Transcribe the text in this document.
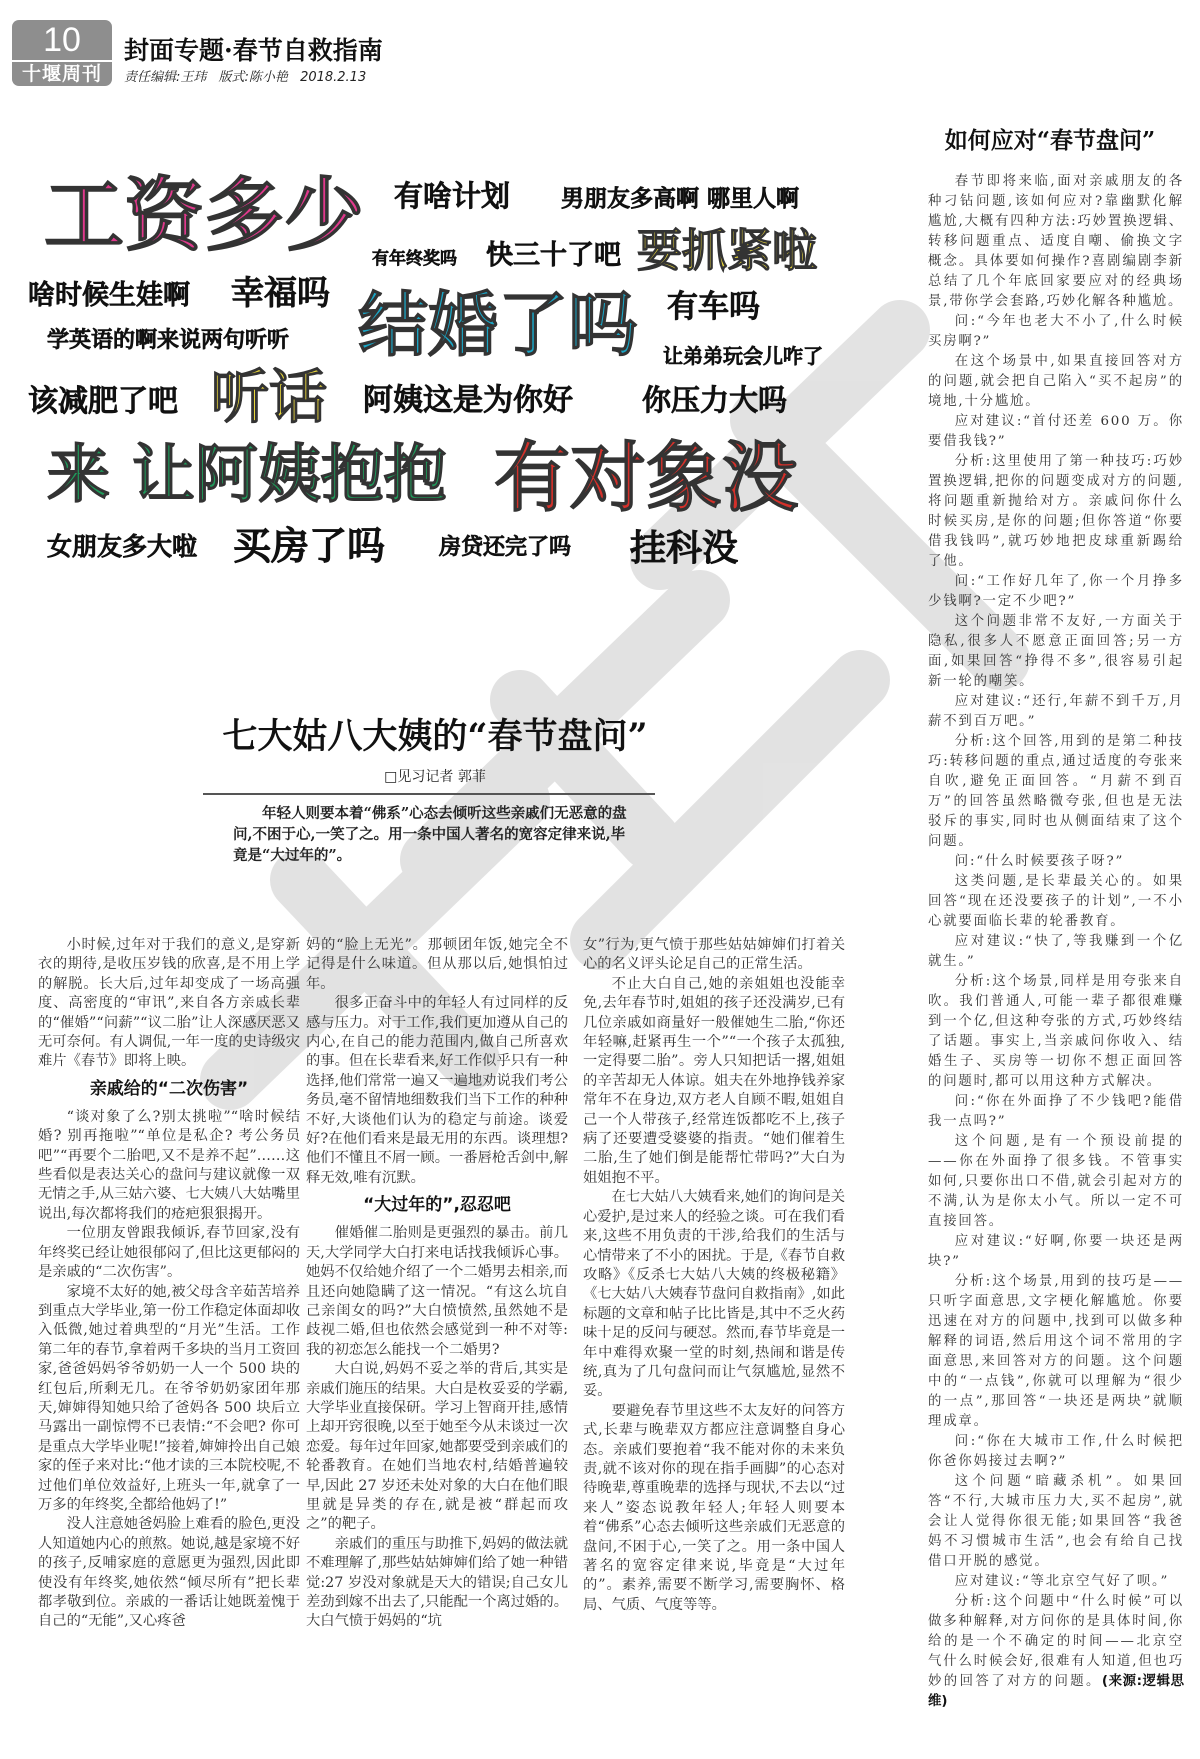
10
十堰周刊
封面专题·春节自救指南
责任编辑:王玮 版式:陈小艳 2018.2.13
工资多少 有啥计划 男朋友多高啊 哪里人啊
有年终奖吗 快三十了吧 要抓紧啦
啥时候生娃啊 幸福吗 结婚了吗 有车吗
学英语的啊来说两句听听
让弟弟玩会儿咋了
该减肥了吧 听话 阿姨这是为你好 你压力大吗
来 让阿姨抱抱 有对象没
女朋友多大啦 买房了吗 房贷还完了吗 挂科没
七大姑八大姨的“春节盘问”
□见习记者 郭菲
年轻人则要本着“佛系”心态去倾听这些亲戚们无恶意的盘问,不困于心,一笑了之。用一条中国人著名的宽容定律来说,毕竟是“大过年的”。

小时候,过年对于我们的意义,是穿新衣的期待,是收压岁钱的欣喜,是不用上学的解脱。长大后,过年却变成了一场高强度、高密度的“审讯”,来自各方亲戚长辈的“催婚”“问薪”“议二胎”让人深感厌恶又无可奈何。有人调侃,一年一度的史诗级灾难片《春节》即将上映。

亲戚给的“二次伤害”

“谈对象了么?别太挑啦”“啥时候结婚? 别再拖啦”“单位是私企? 考公务员吧”“再要个二胎吧,又不是养不起”……这些看似是表达关心的盘问与建议就像一双无情之手,从三姑六婆、七大姨八大姑嘴里说出,每次都将我们的疮疤狠狠揭开。

一位朋友曾跟我倾诉,春节回家,没有年终奖已经让她很郁闷了,但比这更郁闷的是亲戚的“二次伤害”。

家境不太好的她,被父母含辛茹苦培养到重点大学毕业,第一份工作稳定体面却收入低微,她过着典型的“月光”生活。工作第二年的春节,拿着两千多块的当月工资回家,爸爸妈妈爷爷奶奶一人一个 500 块的红包后,所剩无几。在爷爷奶奶家团年那天,婶婶得知她只给了爸妈各 500 块后立马露出一副惊愕不已表情:“不会吧? 你可是重点大学毕业呢!”接着,婶婶拎出自己娘家的侄子来对比:“他才读的三本院校呢,不过他们单位效益好,上班头一年,就拿了一万多的年终奖,全都给他妈了!”

没人注意她爸妈脸上难看的脸色,更没人知道她内心的煎熬。她说,越是家境不好的孩子,反哺家庭的意愿更为强烈,因此即使没有年终奖,她依然“倾尽所有”把长辈都孝敬到位。亲戚的一番话让她既羞愧于自己的“无能”,又心疼爸

妈的“脸上无光”。那顿团年饭,她完全不记得是什么味道。但从那以后,她惧怕过年。

很多正奋斗中的年轻人有过同样的反感与压力。对于工作,我们更加遵从自己的内心,在自己的能力范围内,做自己所喜欢的事。但在长辈看来,好工作似乎只有一种选择,他们常常一遍又一遍地劝说我们考公务员,毫不留情地细数我们当下工作的种种不好,大谈他们认为的稳定与前途。谈爱好?在他们看来是最无用的东西。谈理想?他们不懂且不屑一顾。一番唇枪舌剑中,解释无效,唯有沉默。

“大过年的”,忍忍吧

催婚催二胎则是更强烈的暴击。前几天,大学同学大白打来电话找我倾诉心事。她妈不仅给她介绍了一个二婚男去相亲,而且还向她隐瞒了这一情况。“有这么坑自己亲闺女的吗?”大白愤愤然,虽然她不是歧视二婚,但也依然会感觉到一种不对等:我的初恋怎么能找一个二婚男?

大白说,妈妈不妥之举的背后,其实是亲戚们施压的结果。大白是枚妥妥的学霸,大学毕业直接保研。学习上智商开挂,感情上却开窍很晚,以至于她至今从未谈过一次恋爱。每年过年回家,她都要受到亲戚们的轮番教育。在她们当地农村,结婚普遍较早,因此 27 岁还未处对象的大白在他们眼里就是异类的存在,就是被“群起而攻之”的靶子。

亲戚们的重压与助推下,妈妈的做法就不难理解了,那些姑姑婶婶们给了她一种错觉:27 岁没对象就是天大的错误;自己女儿差劲到嫁不出去了,只能配一个离过婚的。大白气愤于妈妈的“坑

女”行为,更气愤于那些姑姑婶婶们打着关心的名义评头论足自己的正常生活。

不止大白自己,她的亲姐姐也没能幸免,去年春节时,姐姐的孩子还没满岁,已有几位亲戚如商量好一般催她生二胎,“你还年轻嘛,赶紧再生一个”“一个孩子太孤独,一定得要二胎”。旁人只知把话一撂,姐姐的辛苦却无人体谅。姐夫在外地挣钱养家常年不在身边,双方老人自顾不暇,姐姐自己一个人带孩子,经常连饭都吃不上,孩子病了还要遭受婆婆的指责。“她们催着生二胎,生了她们倒是能帮忙带吗?”大白为姐姐抱不平。

在七大姑八大姨看来,她们的询问是关心爱护,是过来人的经验之谈。可在我们看来,这些不用负责的干涉,给我们的生活与心情带来了不小的困扰。于是,《春节自救攻略》《反杀七大姑八大姨的终极秘籍》《七大姑八大姨春节盘问自救指南》,如此标题的文章和帖子比比皆是,其中不乏火药味十足的反问与硬怼。然而,春节毕竟是一年中难得欢聚一堂的时刻,热闹和谐是传统,真为了几句盘问而让气氛尴尬,显然不妥。

要避免春节里这些不太友好的问答方式,长辈与晚辈双方都应注意调整自身心态。亲戚们要抱着“我不能对你的未来负责,就不该对你的现在指手画脚”的心态对待晚辈,尊重晚辈的选择与现状,不去以“过来人”姿态说教年轻人;年轻人则要本着“佛系”心态去倾听这些亲戚们无恶意的盘问,不困于心,一笑了之。用一条中国人著名的宽容定律来说,毕竟是“大过年的”。素养,需要不断学习,需要胸怀、格局、气质、气度等等。

如何应对“春节盘问”

春节即将来临,面对亲戚朋友的各种刁钻问题,该如何应对?靠幽默化解尴尬,大概有四种方法:巧妙置换逻辑、转移问题重点、适度自嘲、偷换文字概念。具体要如何操作?喜剧编剧李新总结了几个年底回家要应对的经典场景,带你学会套路,巧妙化解各种尴尬。

问:“今年也老大不小了,什么时候买房啊?”

在这个场景中,如果直接回答对方的问题,就会把自己陷入“买不起房”的境地,十分尴尬。

应对建议:“首付还差 600 万。你要借我钱?”

分析:这里使用了第一种技巧:巧妙置换逻辑,把你的问题变成对方的问题,将问题重新抛给对方。亲戚问你什么时候买房,是你的问题;但你答道“你要借我钱吗”,就巧妙地把皮球重新踢给了他。

问:“工作好几年了,你一个月挣多少钱啊?一定不少吧?”

这个问题非常不友好,一方面关于隐私,很多人不愿意正面回答;另一方面,如果回答“挣得不多”,很容易引起新一轮的嘲笑。

应对建议:“还行,年薪不到千万,月薪不到百万吧。”

分析:这个回答,用到的是第二种技巧:转移问题的重点,通过适度的夸张来自吹,避免正面回答。“月薪不到百万”的回答虽然略微夸张,但也是无法驳斥的事实,同时也从侧面结束了这个问题。

问:“什么时候要孩子呀?”

这类问题,是长辈最关心的。如果回答“现在还没要孩子的计划”,一不小心就要面临长辈的轮番教育。

应对建议:“快了,等我赚到一个亿就生。”

分析:这个场景,同样是用夸张来自吹。我们普通人,可能一辈子都很难赚到一个亿,但这种夸张的方式,巧妙终结了话题。事实上,当亲戚问你收入、结婚生子、买房等一切你不想正面回答的问题时,都可以用这种方式解决。

问:“你在外面挣了不少钱吧?能借我一点吗?”

这个问题,是有一个预设前提的——你在外面挣了很多钱。不管事实如何,只要你出口不借,就会引起对方的不满,认为是你太小气。所以一定不可直接回答。

应对建议:“好啊,你要一块还是两块?”

分析:这个场景,用到的技巧是——只听字面意思,文字梗化解尴尬。你要迅速在对方的问题中,找到可以做多种解释的词语,然后用这个词不常用的字面意思,来回答对方的问题。这个问题中的“一点钱”,你就可以理解为“很少的一点”,那回答“一块还是两块”就顺理成章。

问:“你在大城市工作,什么时候把你爸你妈接过去啊?”

这个问题“暗藏杀机”。如果回答“不行,大城市压力大,买不起房”,就会让人觉得你很无能;如果回答“我爸妈不习惯城市生活”,也会有给自己找借口开脱的感觉。

应对建议:“等北京空气好了呗。”

分析:这个问题中“什么时候”可以做多种解释,对方问你的是具体时间,你给的是一个不确定的时间——北京空气什么时候会好,很难有人知道,但也巧妙的回答了对方的问题。(来源:逻辑思维)
